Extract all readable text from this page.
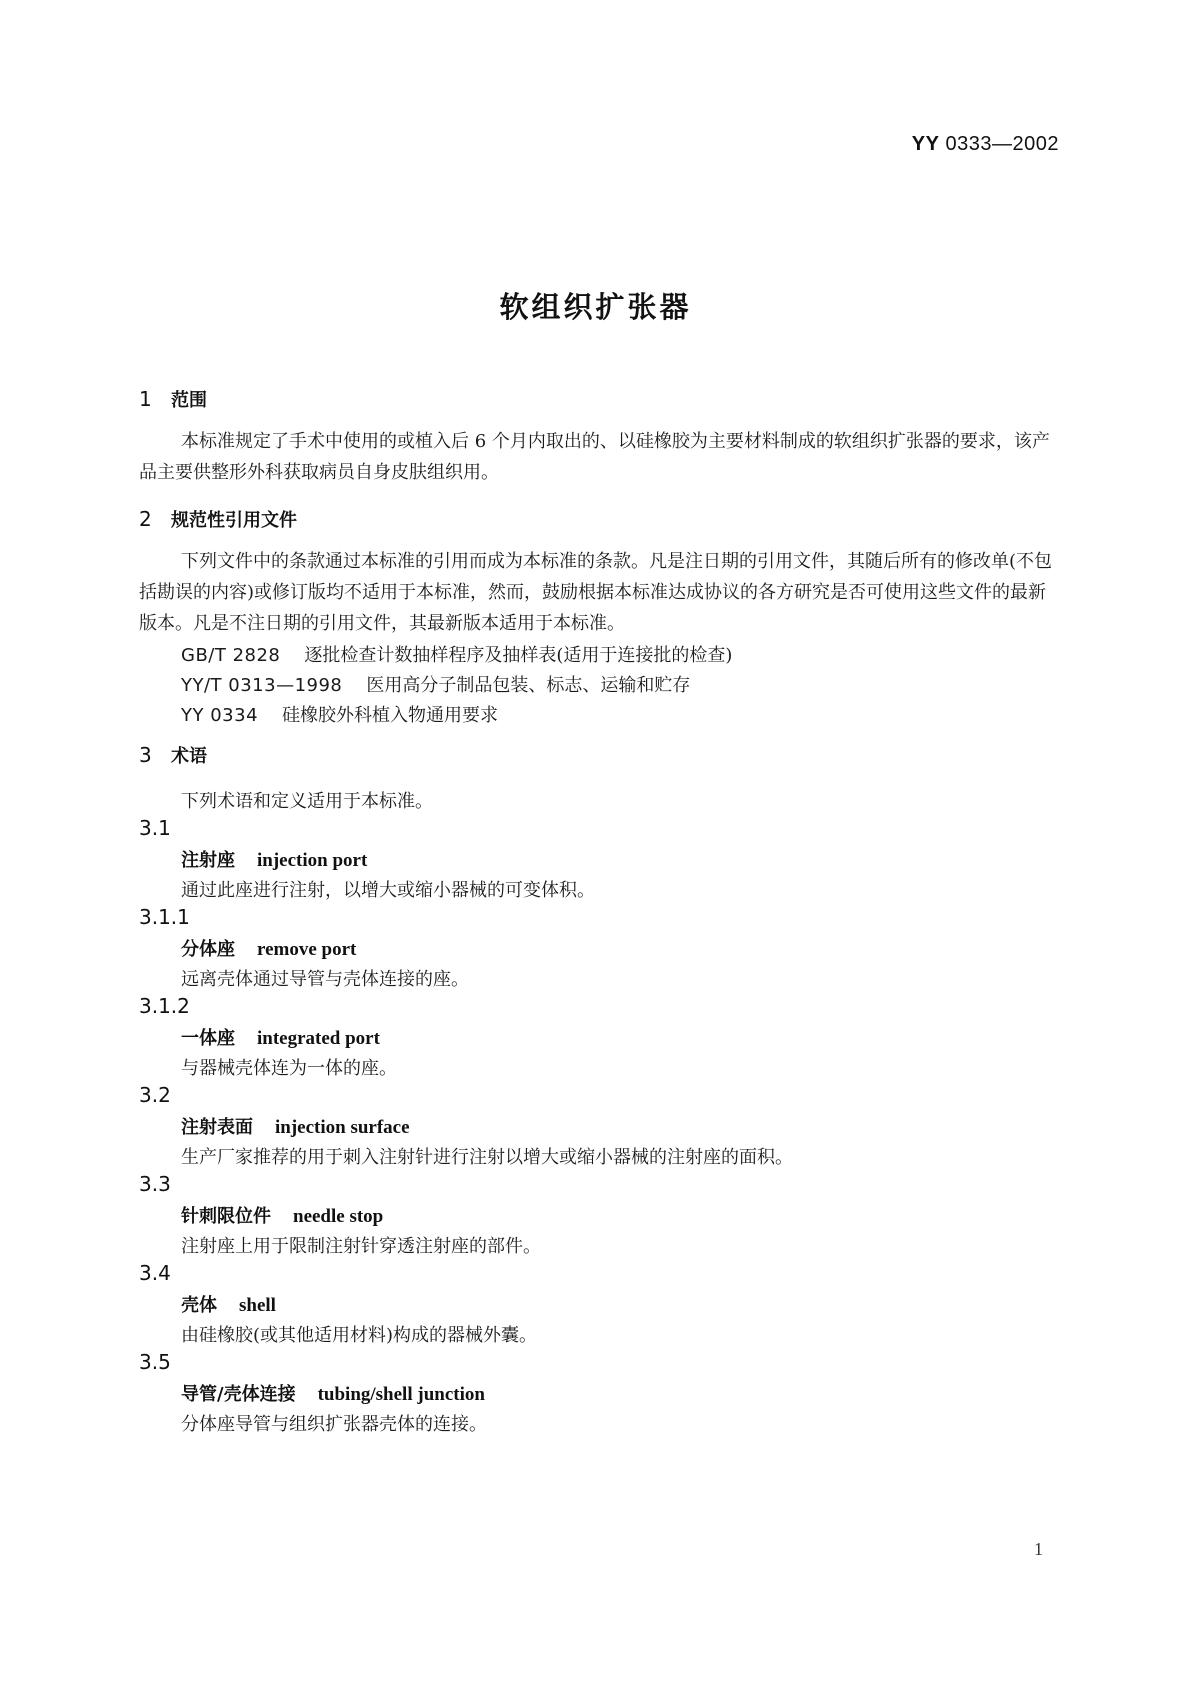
YY 0333—2002
软组织扩张器
1 范围
本标准规定了手术中使用的或植入后 6 个月内取出的、以硅橡胶为主要材料制成的软组织扩张器的要求，该产品主要供整形外科获取病员自身皮肤组织用。
2 规范性引用文件
下列文件中的条款通过本标准的引用而成为本标准的条款。凡是注日期的引用文件，其随后所有的修改单(不包括勘误的内容)或修订版均不适用于本标准，然而，鼓励根据本标准达成协议的各方研究是否可使用这些文件的最新版本。凡是不注日期的引用文件，其最新版本适用于本标准。
GB/T 2828 逐批检查计数抽样程序及抽样表(适用于连接批的检查)
YY/T 0313—1998 医用高分子制品包装、标志、运输和贮存
YY 0334 硅橡胶外科植入物通用要求
3 术语
下列术语和定义适用于本标准。
3.1
注射座 injection port
通过此座进行注射，以增大或缩小器械的可变体积。
3.1.1
分体座 remove port
远离壳体通过导管与壳体连接的座。
3.1.2
一体座 integrated port
与器械壳体连为一体的座。
3.2
注射表面 injection surface
生产厂家推荐的用于刺入注射针进行注射以增大或缩小器械的注射座的面积。
3.3
针刺限位件 needle stop
注射座上用于限制注射针穿透注射座的部件。
3.4
壳体 shell
由硅橡胶(或其他适用材料)构成的器械外囊。
3.5
导管/壳体连接 tubing/shell junction
分体座导管与组织扩张器壳体的连接。
1
